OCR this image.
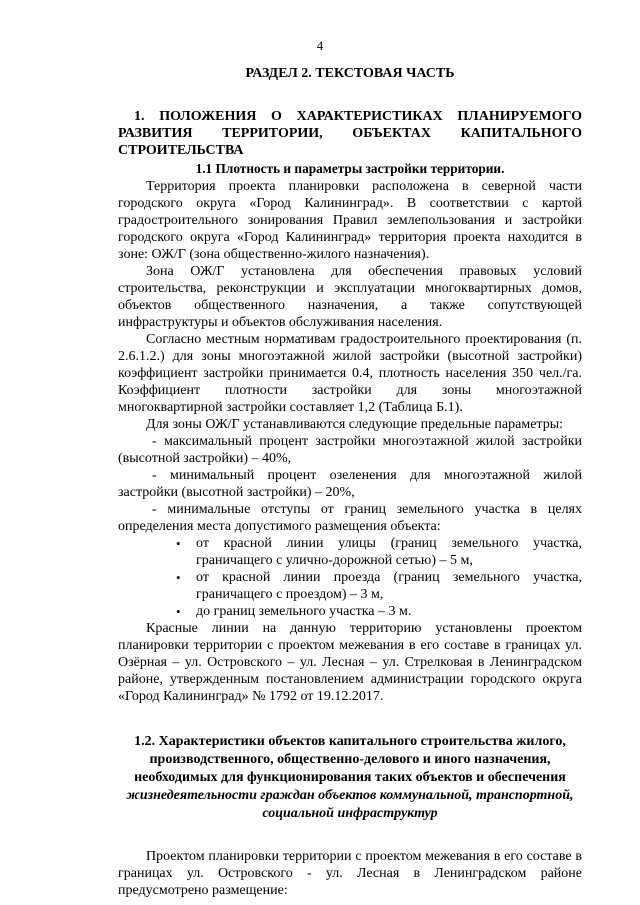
4

РАЗДЕЛ 2. ТЕКСТОВАЯ ЧАСТЬ

1. ПОЛОЖЕНИЯ О ХАРАКТЕРИСТИКАХ ПЛАНИРУЕМОГО РАЗВИТИЯ ТЕРРИТОРИИ, ОБЪЕКТАХ КАПИТАЛЬНОГО СТРОИТЕЛЬСТВА

1.1 Плотность и параметры застройки территории.

Территория проекта планировки расположена в северной части городского округа «Город Калининград». В соответствии с картой градостроительного зонирования Правил землепользования и застройки городского округа «Город Калининград» территория проекта находится в зоне: ОЖ/Г (зона общественно-жилого назначения).

Зона ОЖ/Г установлена для обеспечения правовых условий строительства, реконструкции и эксплуатации многоквартирных домов, объектов общественного назначения, а также сопутствующей инфраструктуры и объектов обслуживания населения.

Согласно местным нормативам градостроительного проектирования (п. 2.6.1.2.) для зоны многоэтажной жилой застройки (высотной застройки) коэффициент застройки принимается 0.4, плотность населения 350 чел./га. Коэффициент плотности застройки для зоны многоэтажной многоквартирной застройки составляет 1,2 (Таблица Б.1).

Для зоны ОЖ/Г устанавливаются следующие предельные параметры:

- максимальный процент застройки многоэтажной жилой застройки (высотной застройки) – 40%,

- минимальный процент озеленения для многоэтажной жилой застройки (высотной застройки) – 20%,

- минимальные отступы от границ земельного участка в целях определения места допустимого размещения объекта:

• от красной линии улицы (границ земельного участка, граничащего с улично-дорожной сетью) – 5 м,
• от красной линии проезда (границ земельного участка, граничащего с проездом) – 3 м,
• до границ земельного участка – 3 м.

Красные линии на данную территорию установлены проектом планировки территории с проектом межевания в его составе в границах ул. Озёрная – ул. Островского – ул. Лесная – ул. Стрелковая в Ленинградском районе, утвержденным постановлением администрации городского округа «Город Калининград» № 1792 от 19.12.2017.

1.2. Характеристики объектов капитального строительства жилого, производственного, общественно-делового и иного назначения, необходимых для функционирования таких объектов и обеспечения жизнедеятельности граждан объектов коммунальной, транспортной, социальной инфраструктур

Проектом планировки территории с проектом межевания в его составе в границах ул. Островского - ул. Лесная в Ленинградском районе предусмотрено размещение:
